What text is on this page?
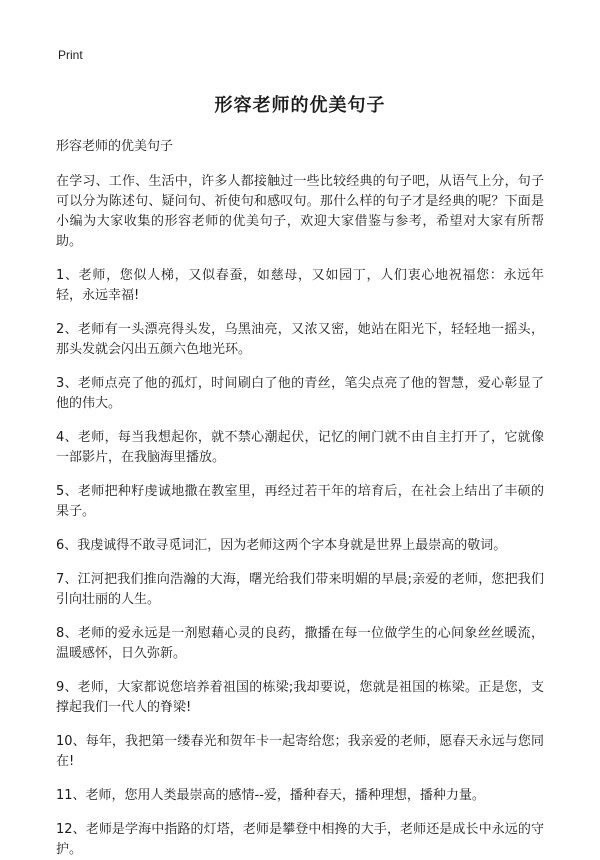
Print
形容老师的优美句子
形容老师的优美句子

在学习、工作、生活中，许多人都接触过一些比较经典的句子吧，从语气上分，句子可以分为陈述句、疑问句、祈使句和感叹句。那什么样的句子才是经典的呢？下面是小编为大家收集的形容老师的优美句子，欢迎大家借鉴与参考，希望对大家有所帮助。

1、老师，您似人梯，又似春蚕，如慈母，又如园丁，人们衷心地祝福您：永远年轻，永远幸福!

2、老师有一头漂亮得头发，乌黑油亮，又浓又密，她站在阳光下，轻轻地一摇头，那头发就会闪出五颜六色地光环。

3、老师点亮了他的孤灯，时间刷白了他的青丝，笔尖点亮了他的智慧，爱心彰显了他的伟大。

4、老师，每当我想起你，就不禁心潮起伏，记忆的闸门就不由自主打开了，它就像一部影片，在我脑海里播放。

5、老师把种籽虔诚地撒在教室里，再经过若干年的培育后，在社会上结出了丰硕的果子。

6、我虔诚得不敢寻觅词汇，因为老师这两个字本身就是世界上最崇高的敬词。

7、江河把我们推向浩瀚的大海，曙光给我们带来明媚的早晨;亲爱的老师，您把我们引向壮丽的人生。

8、老师的爱永远是一剂慰藉心灵的良药，撒播在每一位做学生的心间象丝丝暖流，温暖感怀，日久弥新。

9、老师，大家都说您培养着祖国的栋梁;我却要说，您就是祖国的栋梁。正是您，支撑起我们一代人的脊梁!

10、每年，我把第一缕春光和贺年卡一起寄给您；我亲爱的老师，愿春天永远与您同在!

11、老师，您用人类最崇高的感情--爱，播种春天，播种理想，播种力量。

12、老师是学海中指路的灯塔，老师是攀登中相搀的大手，老师还是成长中永远的守护。
